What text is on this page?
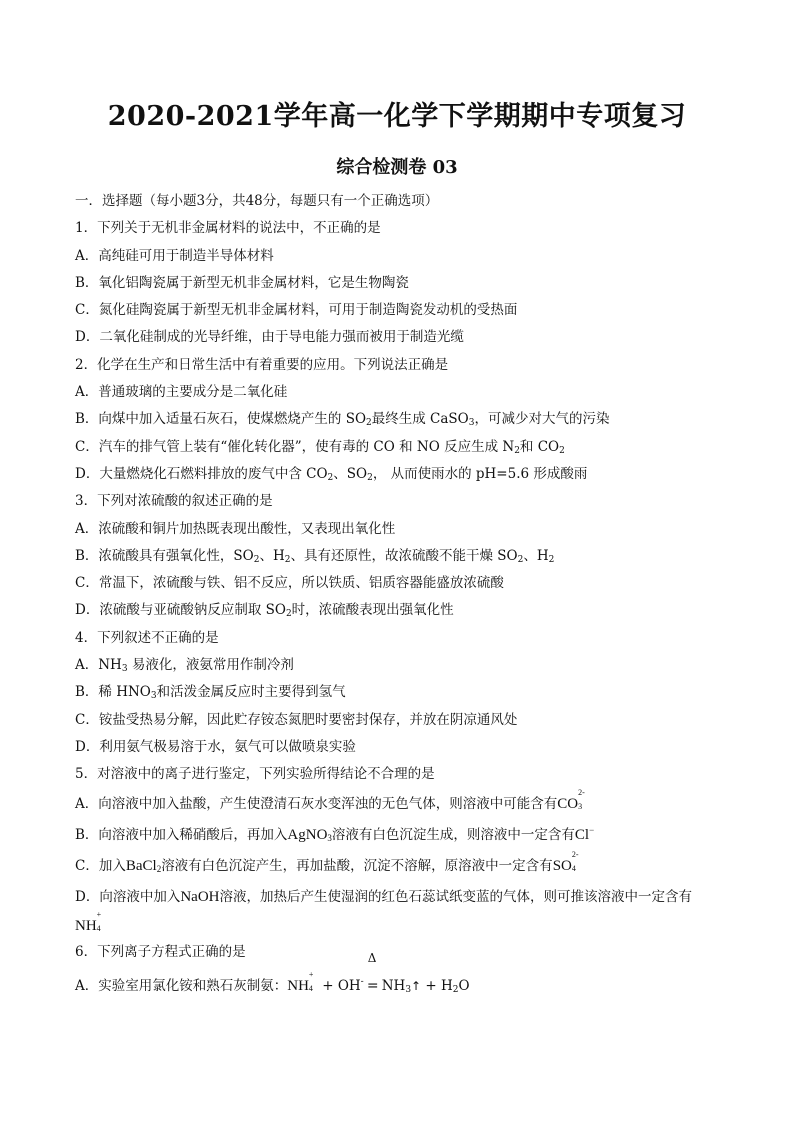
2020-2021学年高一化学下学期期中专项复习
综合检测卷 03
一．选择题（每小题3分，共48分，每题只有一个正确选项）
1．下列关于无机非金属材料的说法中，不正确的是
A．高纯硅可用于制造半导体材料
B．氧化铝陶瓷属于新型无机非金属材料，它是生物陶瓷
C．氮化硅陶瓷属于新型无机非金属材料，可用于制造陶瓷发动机的受热面
D．二氧化硅制成的光导纤维，由于导电能力强而被用于制造光缆
2．化学在生产和日常生活中有着重要的应用。下列说法正确是
A．普通玻璃的主要成分是二氧化硅
B．向煤中加入适量石灰石，使煤燃烧产生的 $SO_2$最终生成 CaSO$_3$，可减少对大气的污染
C．汽车的排气管上装有“催化转化器”，使有毒的 CO 和 NO 反应生成 $N_2$和 $CO_2$
D．大量燃烧化石燃料排放的废气中含 $CO_2$、$SO_2$， 从而使雨水的 pH=5.6 形成酸雨
3．下列对浓硫酸的叙述正确的是
A．浓硫酸和铜片加热既表现出酸性，又表现出氧化性
B．浓硫酸具有强氧化性，$SO_2$、$H_2$、具有还原性，故浓硫酸不能干燥 $SO_2$、$H_2$
C．常温下，浓硫酸与铁、铝不反应，所以铁质、铝质容器能盛放浓硫酸
D．浓硫酸与亚硫酸钠反应制取 $SO_2$时，浓硫酸表现出强氧化性
4．下列叙述不正确的是
A．$NH_3$ 易液化，液氨常用作制冷剂
B．稀 $HNO_3$和活泼金属反应时主要得到氢气
C．铵盐受热易分解，因此贮存铵态氮肥时要密封保存，并放在阴凉通风处
D．利用氨气极易溶于水，氨气可以做喷泉实验
5．对溶液中的离子进行鉴定，下列实验所得结论不合理的是
A．向溶液中加入盐酸，产生使澄清石灰水变浑浊的无色气体，则溶液中可能含有CO
2-
3
B．向溶液中加入稀硝酸后，再加入AgNO$_3$溶液有白色沉淀生成，则溶液中一定含有Cl−
C．加入BaCl$_2$溶液有白色沉淀产生，再加盐酸，沉淀不溶解，原溶液中一定含有SO
2-
4
D．向溶液中加入NaOH溶液，加热后产生使湿润的红色石蕊试纸变蓝的气体，则可推该溶液中一定含有
NH
+
4
6．下列离子方程式正确的是
A．实验室用氯化铵和熟石灰制氨：NH
+
4 + OH-
Δ
= $NH_3↑ + H_2O$
